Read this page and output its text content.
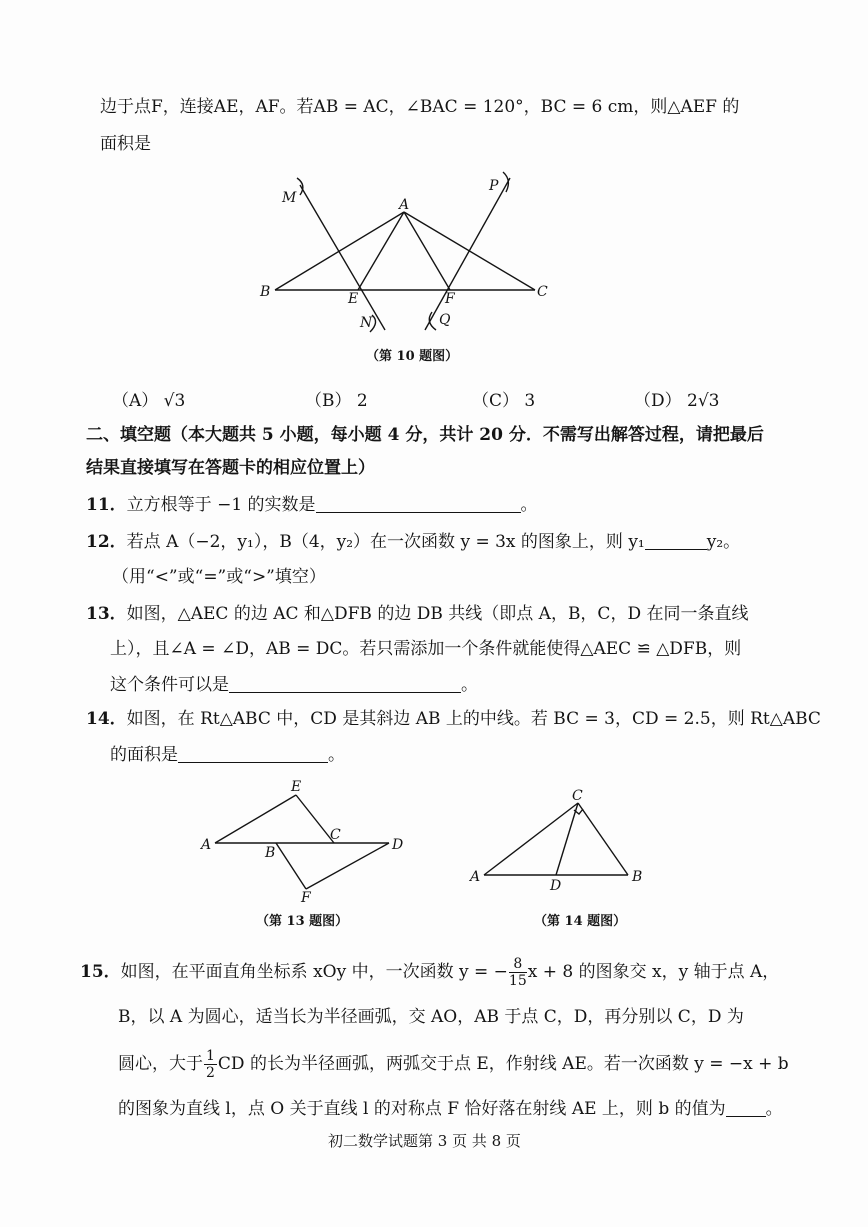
边于点F，连接AE，AF。若AB = AC，∠BAC = 120°，BC = 6 cm，则△AEF 的
面积是
M	A
P
B	E	F	C
N	Q
（第 10 题图）
（A） √3	（B） 2	（C） 3	（D） 2√3
二、填空题（本大题共 5 小题，每小题 4 分，共计 20 分．不需写出解答过程，请把最后
结果直接填写在答题卡的相应位置上）
11．立方根等于 −1 的实数是	。
12．若点 A（−2，y₁），B（4，y₂）在一次函数 y = 3x 的图象上，则 y₁	y₂。
（用“<”或“=”或“>”填空）
13．如图，△AEC 的边 AC 和△DFB 的边 DB 共线（即点 A，B，C，D 在同一条直线
上），且∠A = ∠D，AB = DC。若只需添加一个条件就能使得△AEC ≌ △DFB，则
这个条件可以是	。
14．如图，在 Rt△ABC 中，CD 是其斜边 AB 上的中线。若 BC = 3，CD = 2.5，则 Rt△ABC
的面积是	。
E
A
C
B	D
F
（第 13 题图）
C
A
D
B
（第 14 题图）
15．如图，在平面直角坐标系 xOy 中，一次函数 y = − $\frac{8}{15}$ x + 8 的图象交 x，y 轴于点 A，
B，以 A 为圆心，适当长为半径画弧，交 AO，AB 于点 C，D，再分别以 C，D 为
圆心，大于 $\frac{1}{2}$ CD 的长为半径画弧，两弧交于点 E，作射线 AE。若一次函数 y = −x + b
的图象为直线 l，点 O 关于直线 l 的对称点 F 恰好落在射线 AE 上，则 b 的值为 。
初二数学试题第 3 页 共 8 页
